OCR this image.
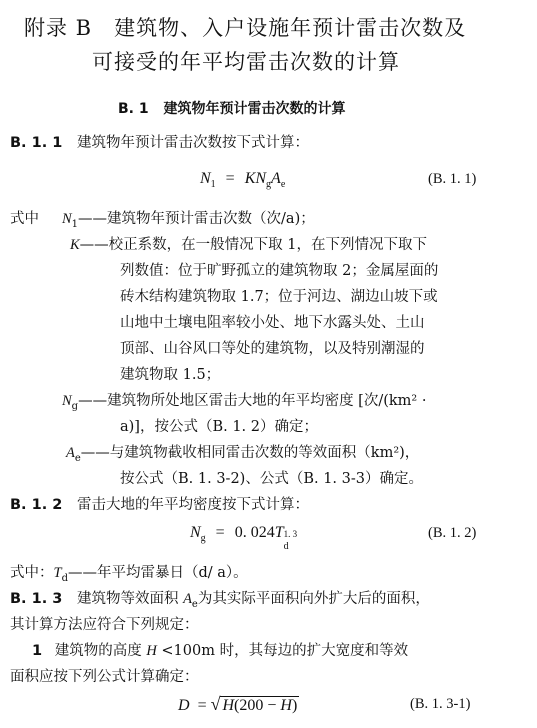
附录 B　建筑物、入户设施年预计雷击次数及
可接受的年平均雷击次数的计算
B. 1 建筑物年预计雷击次数的计算
B. 1. 1 建筑物年预计雷击次数按下式计算：
$N_1 = KN_gA_e$	(B. 1. 1)
式中 $N_1——$建筑物年预计雷击次数（次/a)；
K——校正系数，在一般情况下取 1，在下列情况下取下
列数值：位于旷野孤立的建筑物取 2；金属屋面的
砖木结构建筑物取 1.7；位于河边、湖边山坡下或
山地中土壤电阻率较小处、地下水露头处、土山
顶部、山谷风口等处的建筑物，以及特别潮湿的
建筑物取 1.5；
$N_g——$建筑物所处地区雷击大地的年平均密度 [次/(km² ·
a)]，按公式（B. 1. 2）确定；
$A_e——$与建筑物截收相同雷击次数的等效面积（km²)，
按公式（B. 1. 3-2)、公式（B. 1. 3-3）确定。
B. 1. 2 雷击大地的年平均密度按下式计算：
$N_g = 0$. 024T 1. 3
d
(B. 1. 2)
式中：$T_d——$年平均雷暴日（d/ a）。
B. 1. 3 建筑物等效面积 $A_e$为其实际平面积向外扩大后的面积，
其计算方法应符合下列规定：
1 建筑物的高度 H <100m 时，其每边的扩大宽度和等效
面积应按下列公式计算确定：
D = √ H(200 − H)	(B. 1. 3-1)
